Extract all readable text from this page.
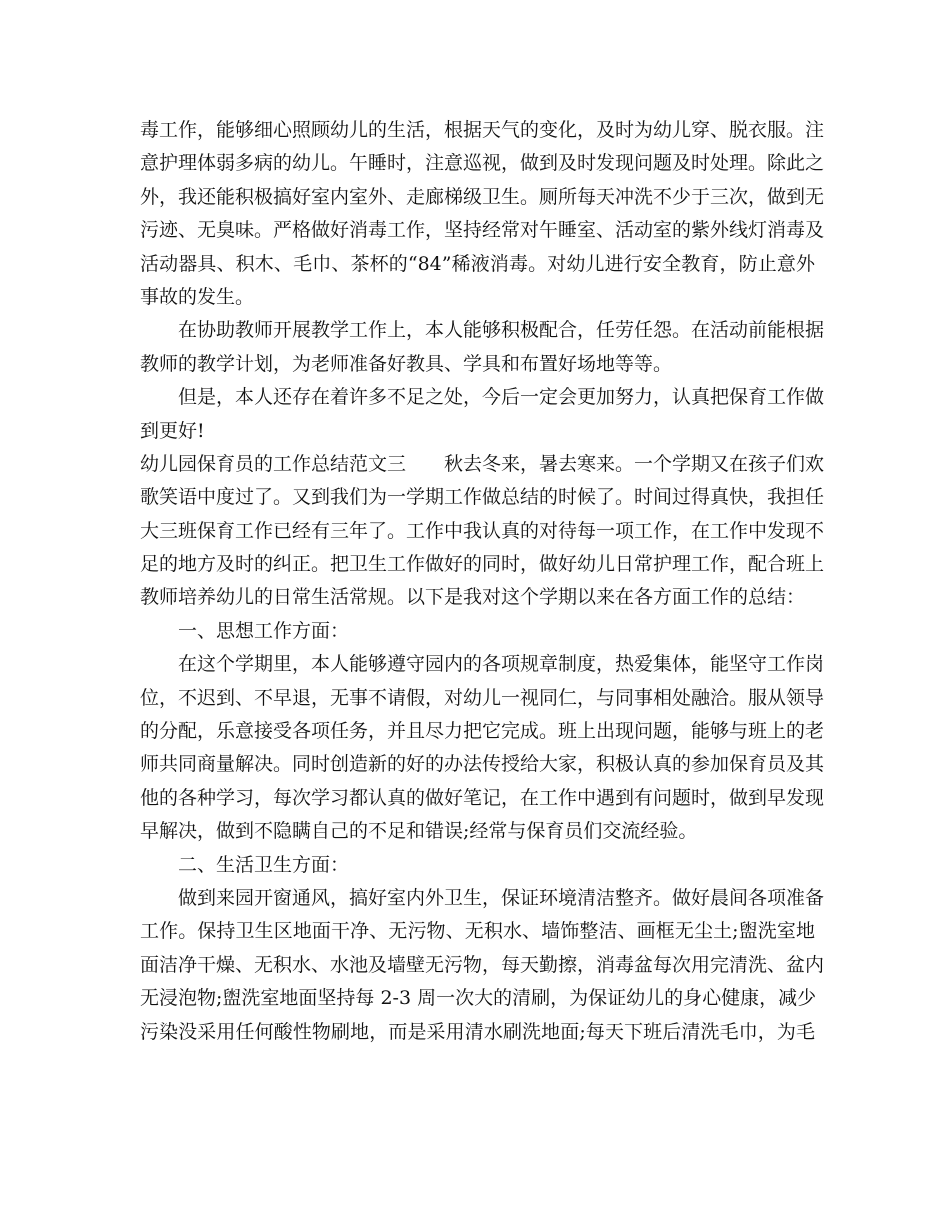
毒工作，能够细心照顾幼儿的生活，根据天气的变化，及时为幼儿穿、脱衣服。注
意护理体弱多病的幼儿。午睡时，注意巡视，做到及时发现问题及时处理。除此之
外，我还能积极搞好室内室外、走廊梯级卫生。厕所每天冲洗不少于三次，做到无
污迹、无臭味。严格做好消毒工作，坚持经常对午睡室、活动室的紫外线灯消毒及
活动器具、积木、毛巾、茶杯的“84”稀液消毒。对幼儿进行安全教育，防止意外
事故的发生。
在协助教师开展教学工作上，本人能够积极配合，任劳任怨。在活动前能根据
教师的教学计划，为老师准备好教具、学具和布置好场地等等。
但是，本人还存在着许多不足之处，今后一定会更加努力，认真把保育工作做
到更好!
幼儿园保育员的工作总结范文三 秋去冬来，暑去寒来。一个学期又在孩子们欢
歌笑语中度过了。又到我们为一学期工作做总结的时候了。时间过得真快，我担任
大三班保育工作已经有三年了。工作中我认真的对待每一项工作，在工作中发现不
足的地方及时的纠正。把卫生工作做好的同时，做好幼儿日常护理工作，配合班上
教师培养幼儿的日常生活常规。以下是我对这个学期以来在各方面工作的总结：
一、思想工作方面：
在这个学期里，本人能够遵守园内的各项规章制度，热爱集体，能坚守工作岗
位，不迟到、不早退，无事不请假，对幼儿一视同仁，与同事相处融洽。服从领导
的分配，乐意接受各项任务，并且尽力把它完成。班上出现问题，能够与班上的老
师共同商量解决。同时创造新的好的办法传授给大家，积极认真的参加保育员及其
他的各种学习，每次学习都认真的做好笔记，在工作中遇到有问题时，做到早发现
早解决，做到不隐瞒自己的不足和错误;经常与保育员们交流经验。
二、生活卫生方面：
做到来园开窗通风，搞好室内外卫生，保证环境清洁整齐。做好晨间各项准备
工作。保持卫生区地面干净、无污物、无积水、墙饰整洁、画框无尘土;盥洗室地
面洁净干燥、无积水、水池及墙壁无污物，每天勤擦，消毒盆每次用完清洗、盆内
无浸泡物;盥洗室地面坚持每 2-3 周一次大的清刷，为保证幼儿的身心健康，减少
污染没采用任何酸性物刷地，而是采用清水刷洗地面;每天下班后清洗毛巾，为毛
